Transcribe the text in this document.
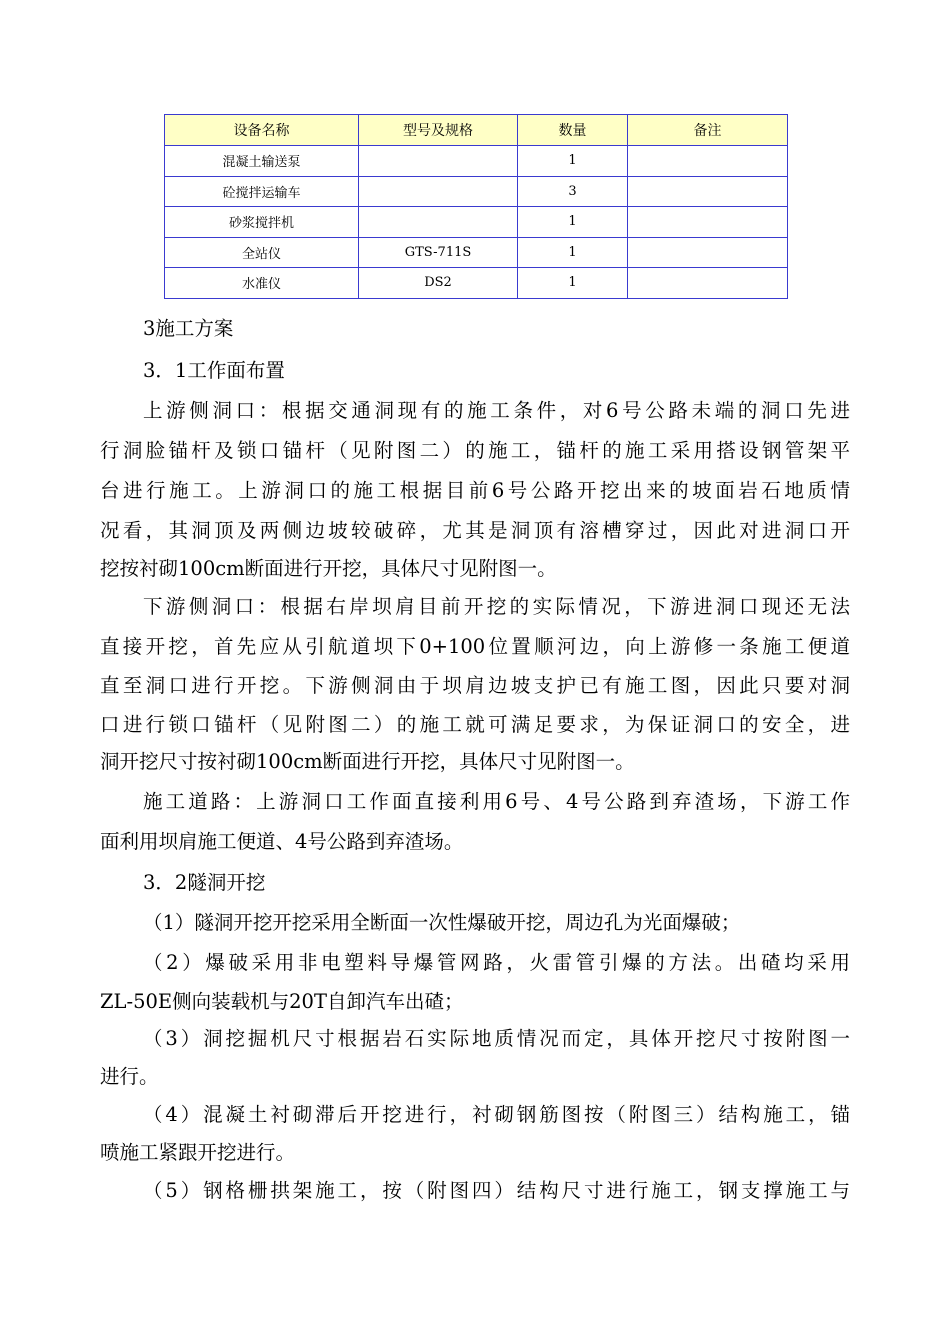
设备名称	型号及规格	数量	备注
混凝土输送泵		1	
砼搅拌运输车		3	
砂浆搅拌机		1	
全站仪	GTS-711S	1	
水准仪	DS2	1	
3施工方案
3．1工作面布置
上游侧洞口：根据交通洞现有的施工条件，对6号公路未端的洞口先进
行洞脸锚杆及锁口锚杆（见附图二）的施工，锚杆的施工采用搭设钢管架平
台进行施工。上游洞口的施工根据目前6号公路开挖出来的坡面岩石地质情
况看，其洞顶及两侧边坡较破碎，尤其是洞顶有溶槽穿过，因此对进洞口开
挖按衬砌100cm断面进行开挖，具体尺寸见附图一。
下游侧洞口：根据右岸坝肩目前开挖的实际情况，下游进洞口现还无法
直接开挖，首先应从引航道坝下0+100位置顺河边，向上游修一条施工便道
直至洞口进行开挖。下游侧洞由于坝肩边坡支护已有施工图，因此只要对洞
口进行锁口锚杆（见附图二）的施工就可满足要求，为保证洞口的安全，进
洞开挖尺寸按衬砌100cm断面进行开挖，具体尺寸见附图一。
施工道路：上游洞口工作面直接利用6号、4号公路到弃渣场，下游工作
面利用坝肩施工便道、4号公路到弃渣场。
3．2隧洞开挖
（1）隧洞开挖开挖采用全断面一次性爆破开挖，周边孔为光面爆破；
（2）爆破采用非电塑料导爆管网路，火雷管引爆的方法。出碴均采用
ZL-50E侧向装载机与20T自卸汽车出碴；
（3）洞挖掘机尺寸根据岩石实际地质情况而定，具体开挖尺寸按附图一
进行。
（4）混凝土衬砌滞后开挖进行，衬砌钢筋图按（附图三）结构施工，锚
喷施工紧跟开挖进行。
（5）钢格栅拱架施工，按（附图四）结构尺寸进行施工，钢支撑施工与
